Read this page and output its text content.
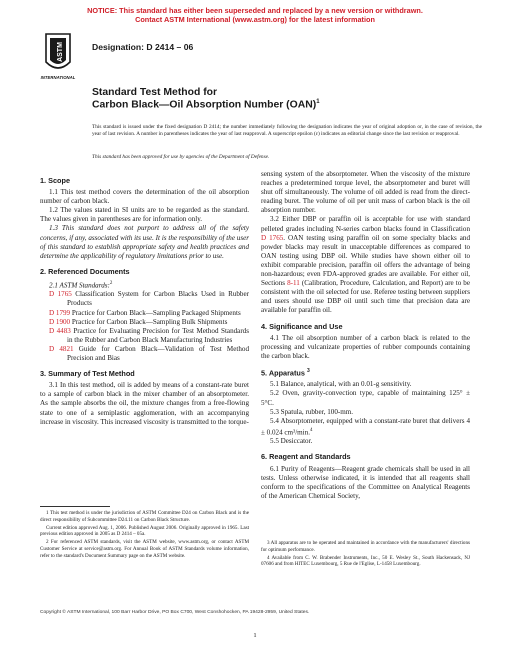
NOTICE: This standard has either been superseded and replaced by a new version or withdrawn.
Contact ASTM International (www.astm.org) for the latest information
ASTM
INTERNATIONAL
Designation: D 2414 – 06
Standard Test Method for
Carbon Black—Oil Absorption Number (OAN)$^1$
This standard is issued under the fixed designation D 2414; the number immediately following the designation indicates the year of original adoption or, in the case of revision, the year of last revision. A number in parentheses indicates the year of last reapproval. A superscript epsilon (ε) indicates an editorial change since the last revision or reapproval.
This standard has been approved for use by agencies of the Department of Defense.

1. Scope

1.1 This test method covers the determination of the oil absorption number of carbon black.

1.2 The values stated in SI units are to be regarded as the standard. The values given in parentheses are for information only.

1.3 This standard does not purport to address all of the safety concerns, if any, associated with its use. It is the responsibility of the user of this standard to establish appropriate safety and health practices and determine the applicability of regulatory limitations prior to use.

2. Referenced Documents

2.1 ASTM Standards:$^2$

D 1765 Classification System for Carbon Blacks Used in Rubber Products

D 1799 Practice for Carbon Black—Sampling Packaged Shipments

D 1900 Practice for Carbon Black—Sampling Bulk Shipments

D 4483 Practice for Evaluating Precision for Test Method Standards in the Rubber and Carbon Black Manufacturing Industries

D 4821 Guide for Carbon Black—Validation of Test Method Precision and Bias

3. Summary of Test Method

3.1 In this test method, oil is added by means of a constant-rate buret to a sample of carbon black in the mixer chamber of an absorptometer. As the sample absorbs the oil, the mixture changes from a free-flowing state to one of a semiplastic agglomeration, with an accompanying increase in viscosity. This increased viscosity is transmitted to the torque-

1 This test method is under the jurisdiction of ASTM Committee D24 on Carbon Black and is the direct responsibility of Subcommittee D24.11 on Carbon Black Structure.

Current edition approved Aug. 1, 2006. Published August 2006. Originally approved in 1965. Last previous edition approved in 2005 as D 2414 – 05a.

2 For referenced ASTM standards, visit the ASTM website, www.astm.org, or contact ASTM Customer Service at service@astm.org. For Annual Book of ASTM Standards volume information, refer to the standard's Document Summary page on the ASTM website.

sensing system of the absorptometer. When the viscosity of the mixture reaches a predetermined torque level, the absorptometer and buret will shut off simultaneously. The volume of oil added is read from the direct-reading buret. The volume of oil per unit mass of carbon black is the oil absorption number.

3.2 Either DBP or paraffin oil is acceptable for use with standard pelleted grades including N-series carbon blacks found in Classification D 1765. OAN testing using paraffin oil on some specialty blacks and powder blacks may result in unacceptable differences as compared to OAN testing using DBP oil. While studies have shown either oil to exhibit comparable precision, paraffin oil offers the advantage of being non-hazardous; even FDA-approved grades are available. For either oil, Sections 8-11 (Calibration, Procedure, Calculation, and Report) are to be consistent with the oil selected for use. Referee testing between suppliers and users should use DBP oil until such time that precision data are available for paraffin oil.

4. Significance and Use

4.1 The oil absorption number of a carbon black is related to the processing and vulcanizate properties of rubber compounds containing the carbon black.

5. Apparatus $^3$

5.1 Balance, analytical, with an 0.01-g sensitivity.

5.2 Oven, gravity-convection type, capable of maintaining 125° ± 5°C.

5.3 Spatula, rubber, 100-mm.

5.4 Absorptometer, equipped with a constant-rate buret that delivers 4 ± 0.024 cm³/min.$^4$

5.5 Desiccator.

6. Reagent and Standards

6.1 Purity of Reagents—Reagent grade chemicals shall be used in all tests. Unless otherwise indicated, it is intended that all reagents shall conform to the specifications of the Committee on Analytical Reagents of the American Chemical Society,

3 All apparatus are to be operated and maintained in accordance with the manufacturers' directions for optimum performance.

4 Available from C. W. Brabender Instruments, Inc., 50 E. Wesley St., South Hackensack, NJ 07606 and from HITEC Luxembourg, 5 Rue de l'Eglise, L-1458 Luxembourg.

Copyright © ASTM International, 100 Barr Harbor Drive, PO Box C700, West Conshohocken, PA 19428-2959, United States.
1
